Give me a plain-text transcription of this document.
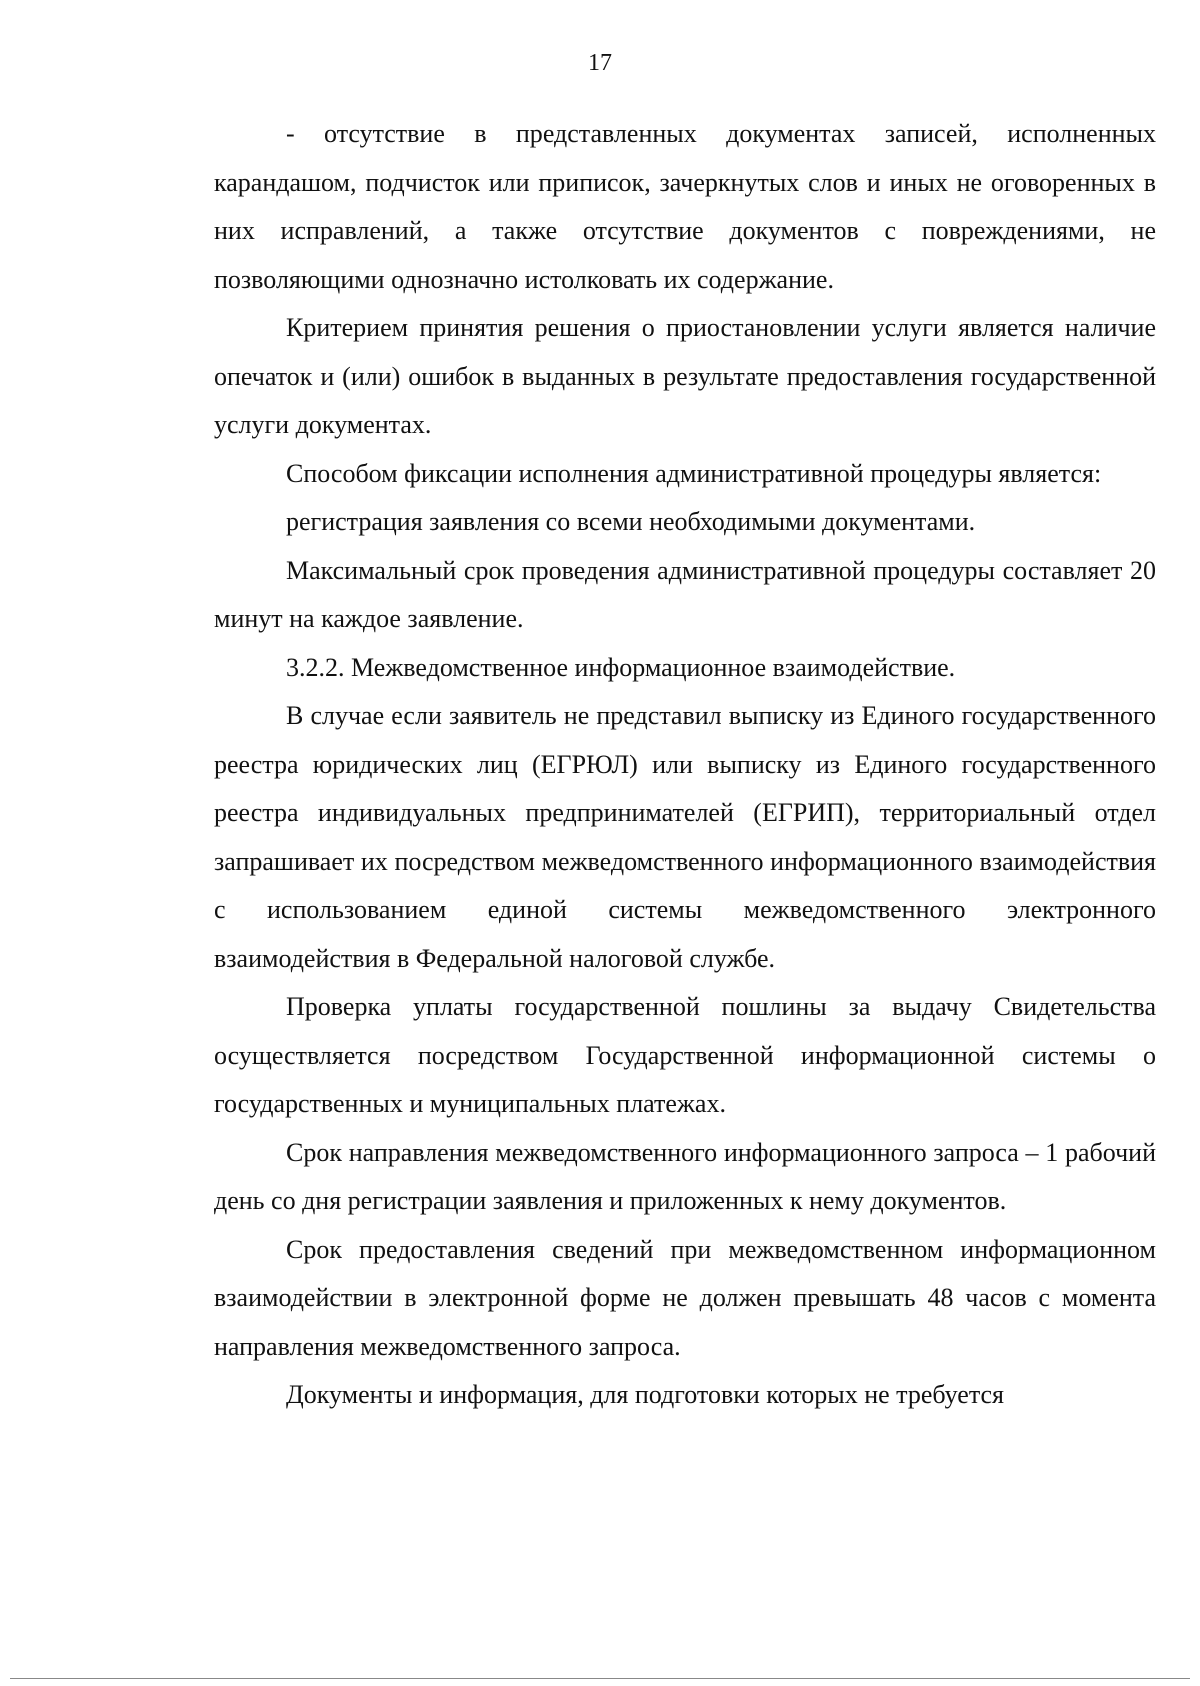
17

- отсутствие в представленных документах записей, исполненных карандашом, подчисток или приписок, зачеркнутых слов и иных не оговоренных в них исправлений, а также отсутствие документов с повреждениями, не позволяющими однозначно истолковать их содержание.

Критерием принятия решения о приостановлении услуги является наличие опечаток и (или) ошибок в выданных в результате предоставления государственной услуги документах.

Способом фиксации исполнения административной процедуры является:

регистрация заявления со всеми необходимыми документами.

Максимальный срок проведения административной процедуры составляет 20 минут на каждое заявление.

3.2.2. Межведомственное информационное взаимодействие.

В случае если заявитель не представил выписку из Единого государственного реестра юридических лиц (ЕГРЮЛ) или выписку из Единого государственного реестра индивидуальных предпринимателей (ЕГРИП), территориальный отдел запрашивает их посредством межведомственного информационного взаимодействия с использованием единой системы межведомственного электронного взаимодействия в Федеральной налоговой службе.

Проверка уплаты государственной пошлины за выдачу Свидетельства осуществляется посредством Государственной информационной системы о государственных и муниципальных платежах.

Срок направления межведомственного информационного запроса – 1 рабочий день со дня регистрации заявления и приложенных к нему документов.

Срок предоставления сведений при межведомственном информационном взаимодействии в электронной форме не должен превышать 48 часов с момента направления межведомственного запроса.

Документы и информация, для подготовки которых не требуется
